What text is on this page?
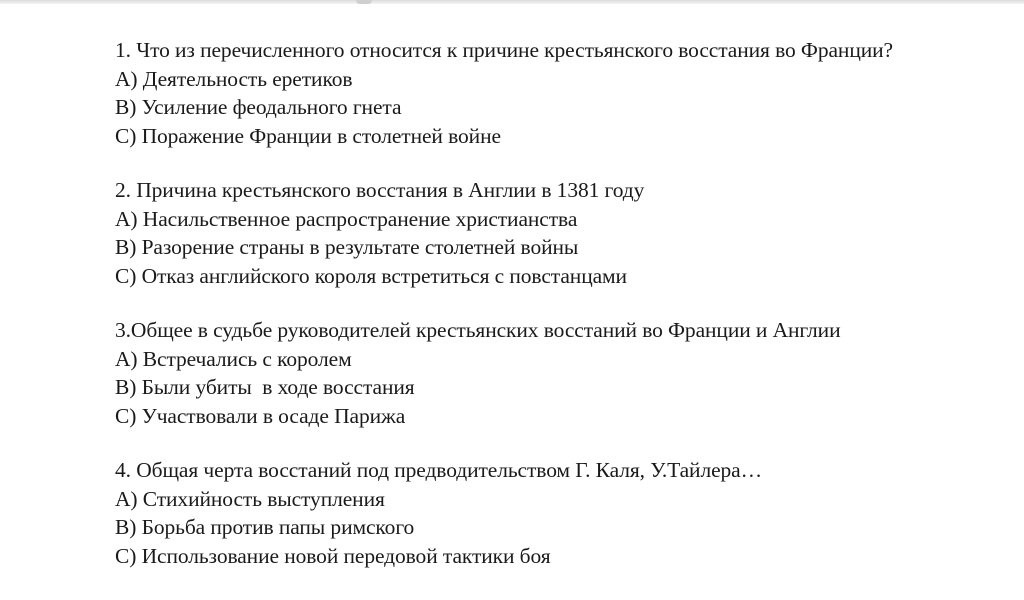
1. Что из перечисленного относится к причине крестьянского восстания во Франции?
A) Деятельность еретиков
B) Усиление феодального гнета
C) Поражение Франции в столетней войне
2. Причина крестьянского восстания в Англии в 1381 году
A) Насильственное распространение христианства
B) Разорение страны в результате столетней войны
C) Отказ английского короля встретиться с повстанцами
3.Общее в судьбе руководителей крестьянских восстаний во Франции и Англии
A) Встречались с королем
B) Были убиты  в ходе восстания
C) Участвовали в осаде Парижа
4. Общая черта восстаний под предводительством Г. Каля, У.Тайлера…
A) Стихийность выступления
B) Борьба против папы римского
C) Использование новой передовой тактики боя
